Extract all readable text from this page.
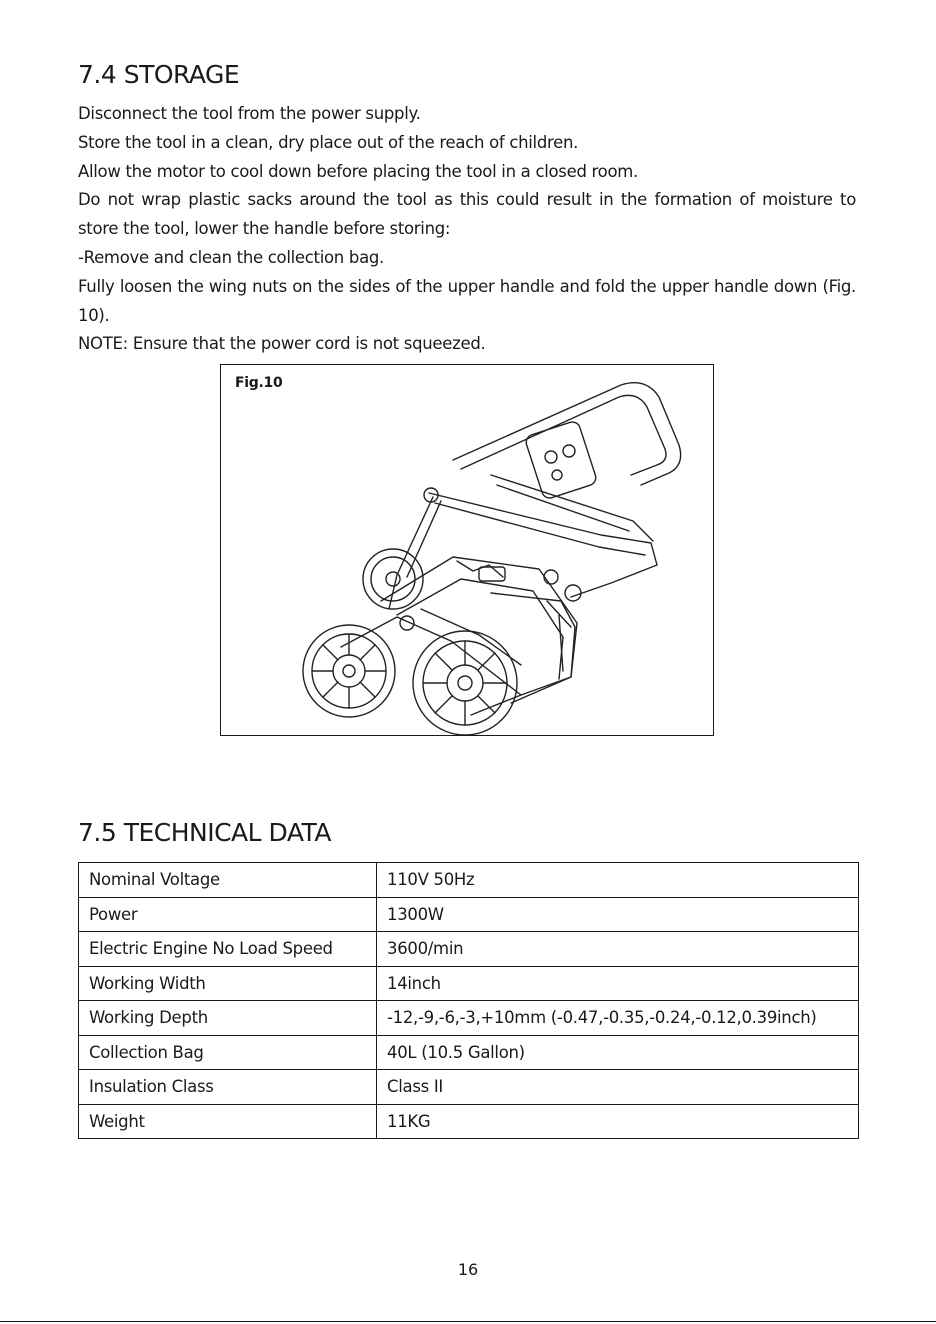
7.4 STORAGE

Disconnect the tool from the power supply.

Store the tool in a clean, dry place out of the reach of children.

Allow the motor to cool down before placing the tool in a closed room.

Do not wrap plastic sacks around the tool as this could result in the formation of moisture to store the tool, lower the handle before storing:

-Remove and clean the collection bag.

Fully loosen the wing nuts on the sides of the upper handle and fold the upper handle down (Fig. 10).

NOTE: Ensure that the power cord is not squeezed.

Fig.10
7.5 TECHNICAL DATA
Nominal Voltage	110V 50Hz
Power	1300W
Electric Engine No Load Speed	3600/min
Working Width	14inch
Working Depth	-12,-9,-6,-3,+10mm (-0.47,-0.35,-0.24,-0.12,0.39inch)
Collection Bag	40L (10.5 Gallon)
Insulation Class	Class II
Weight	11KG
16
